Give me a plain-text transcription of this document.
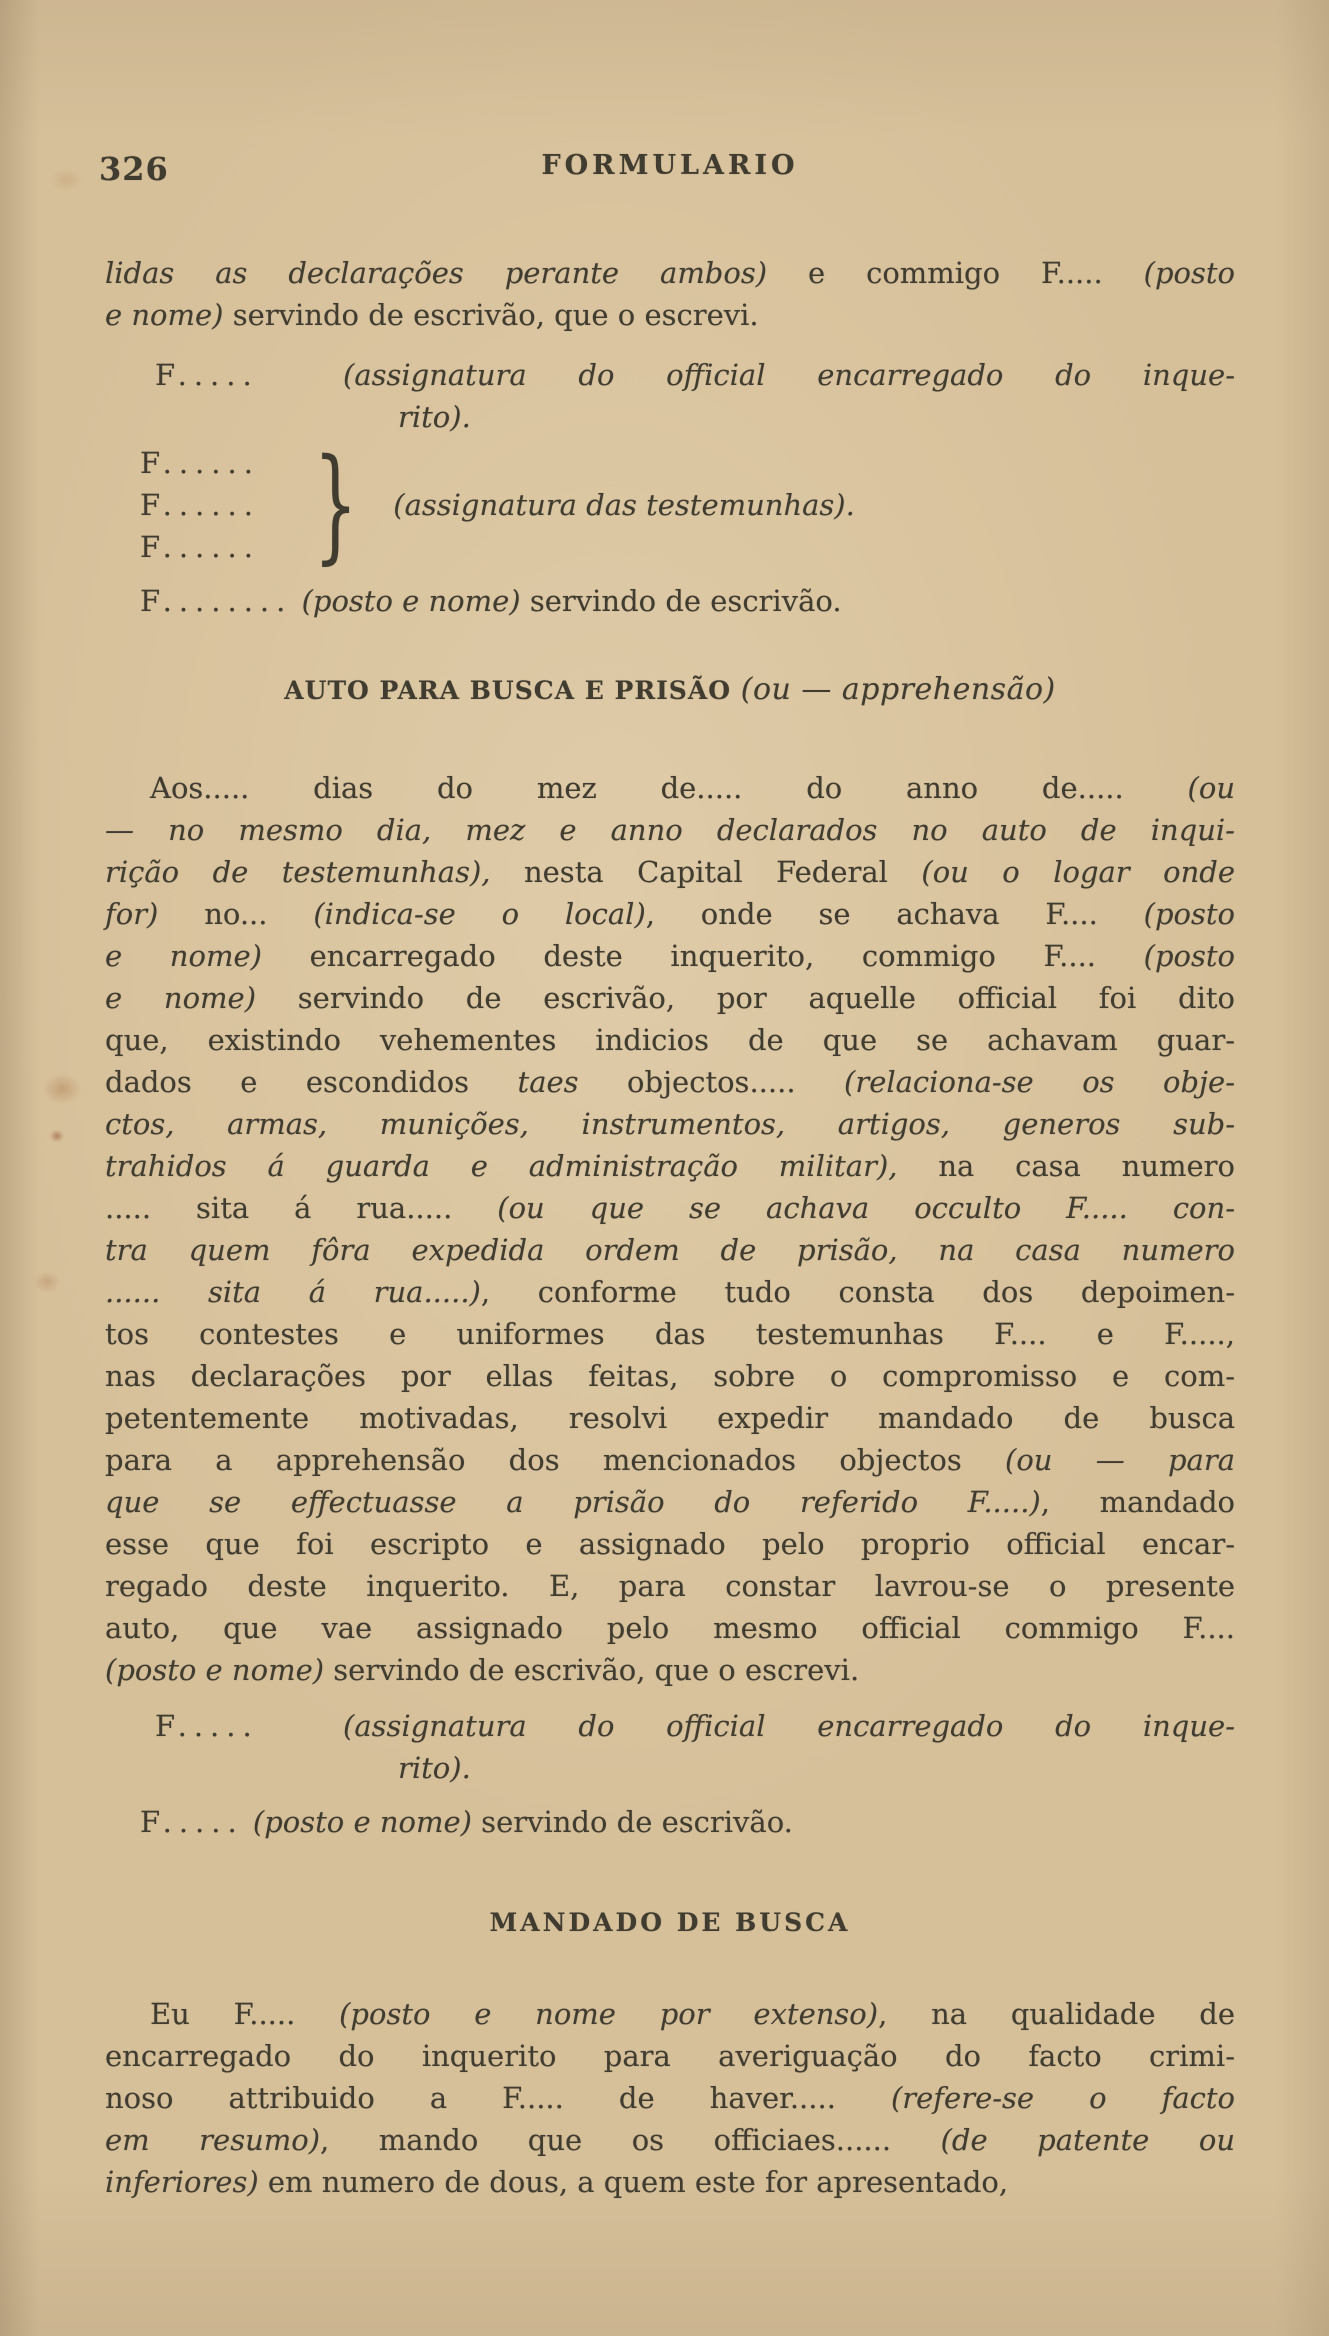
326	FORMULARIO
lidas as declarações perante ambos) e commigo F..... (posto
e nome) servindo de escrivão, que o escrevi.
F.....	(assignatura do official encarregado do inque-
rito).
F......
F......
F...... } (assignatura das testemunhas).
F........ (posto e nome) servindo de escrivão.
AUTO PARA BUSCA E PRISÃO (ou — apprehensão)
Aos..... dias do mez de..... do anno de..... (ou
— no mesmo dia, mez e anno declarados no auto de inqui-
rição de testemunhas), nesta Capital Federal (ou o logar onde
for) no... (indica-se o local), onde se achava F.... (posto
e nome) encarregado deste inquerito, commigo F.... (posto
e nome) servindo de escrivão, por aquelle official foi dito
que, existindo vehementes indicios de que se achavam guar-
dados e escondidos taes objectos..... (relaciona-se os obje-
ctos, armas, munições, instrumentos, artigos, generos sub-
trahidos á guarda e administração militar), na casa numero
..... sita á rua..... (ou que se achava occulto F..... con-
tra quem fôra expedida ordem de prisão, na casa numero
...... sita á rua.....), conforme tudo consta dos depoimen-
tos contestes e uniformes das testemunhas F.... e F.....,
nas declarações por ellas feitas, sobre o compromisso e com-
petentemente motivadas, resolvi expedir mandado de busca
para a apprehensão dos mencionados objectos (ou — para
que se effectuasse a prisão do referido F.....), mandado
esse que foi escripto e assignado pelo proprio official encar-
regado deste inquerito. E, para constar lavrou-se o presente
auto, que vae assignado pelo mesmo official commigo F....
(posto e nome) servindo de escrivão, que o escrevi.
F.....	(assignatura do official encarregado do inque-
rito).
F..... (posto e nome) servindo de escrivão.
MANDADO DE BUSCA
Eu F..... (posto e nome por extenso), na qualidade de
encarregado do inquerito para averiguação do facto crimi-
noso attribuido a F..... de haver..... (refere-se o facto
em resumo), mando que os officiaes...... (de patente ou
inferiores) em numero de dous, a quem este for apresentado,
